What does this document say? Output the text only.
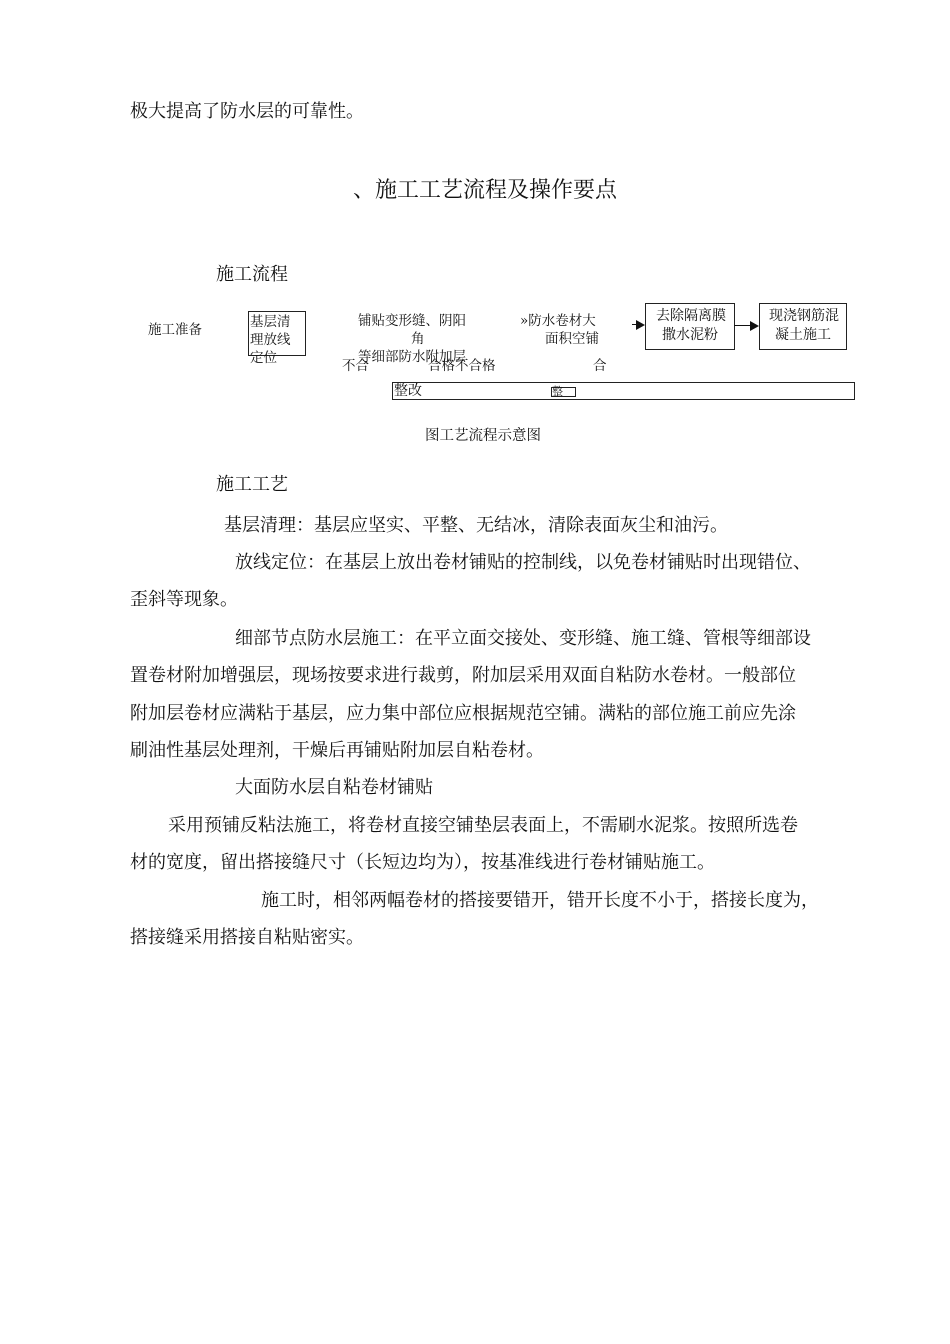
极大提高了防水层的可靠性。
、施工工艺流程及操作要点
施工流程
施工准备	基层清
理放线
定位
铺贴变形缝、阴阳
角
等细部防水附加层
»防水卷材大
面积空铺
去除隔离膜
撒水泥粉
现浇钢筋混
凝土施工
不合	合格不合格	合
整改	整
图工艺流程示意图
施工工艺
基层清理：基层应坚实、平整、无结冰，清除表面灰尘和油污。
放线定位：在基层上放出卷材铺贴的控制线，以免卷材铺贴时出现错位、
歪斜等现象。
细部节点防水层施工：在平立面交接处、变形缝、施工缝、管根等细部设
置卷材附加增强层，现场按要求进行裁剪，附加层采用双面自粘防水卷材。一般部位
附加层卷材应满粘于基层，应力集中部位应根据规范空铺。满粘的部位施工前应先涂
刷油性基层处理剂，干燥后再铺贴附加层自粘卷材。
大面防水层自粘卷材铺贴
采用预铺反粘法施工，将卷材直接空铺垫层表面上，不需刷水泥浆。按照所选卷
材的宽度，留出搭接缝尺寸（长短边均为），按基准线进行卷材铺贴施工。
施工时，相邻两幅卷材的搭接要错开，错开长度不小于，搭接长度为，
搭接缝采用搭接自粘贴密实。
